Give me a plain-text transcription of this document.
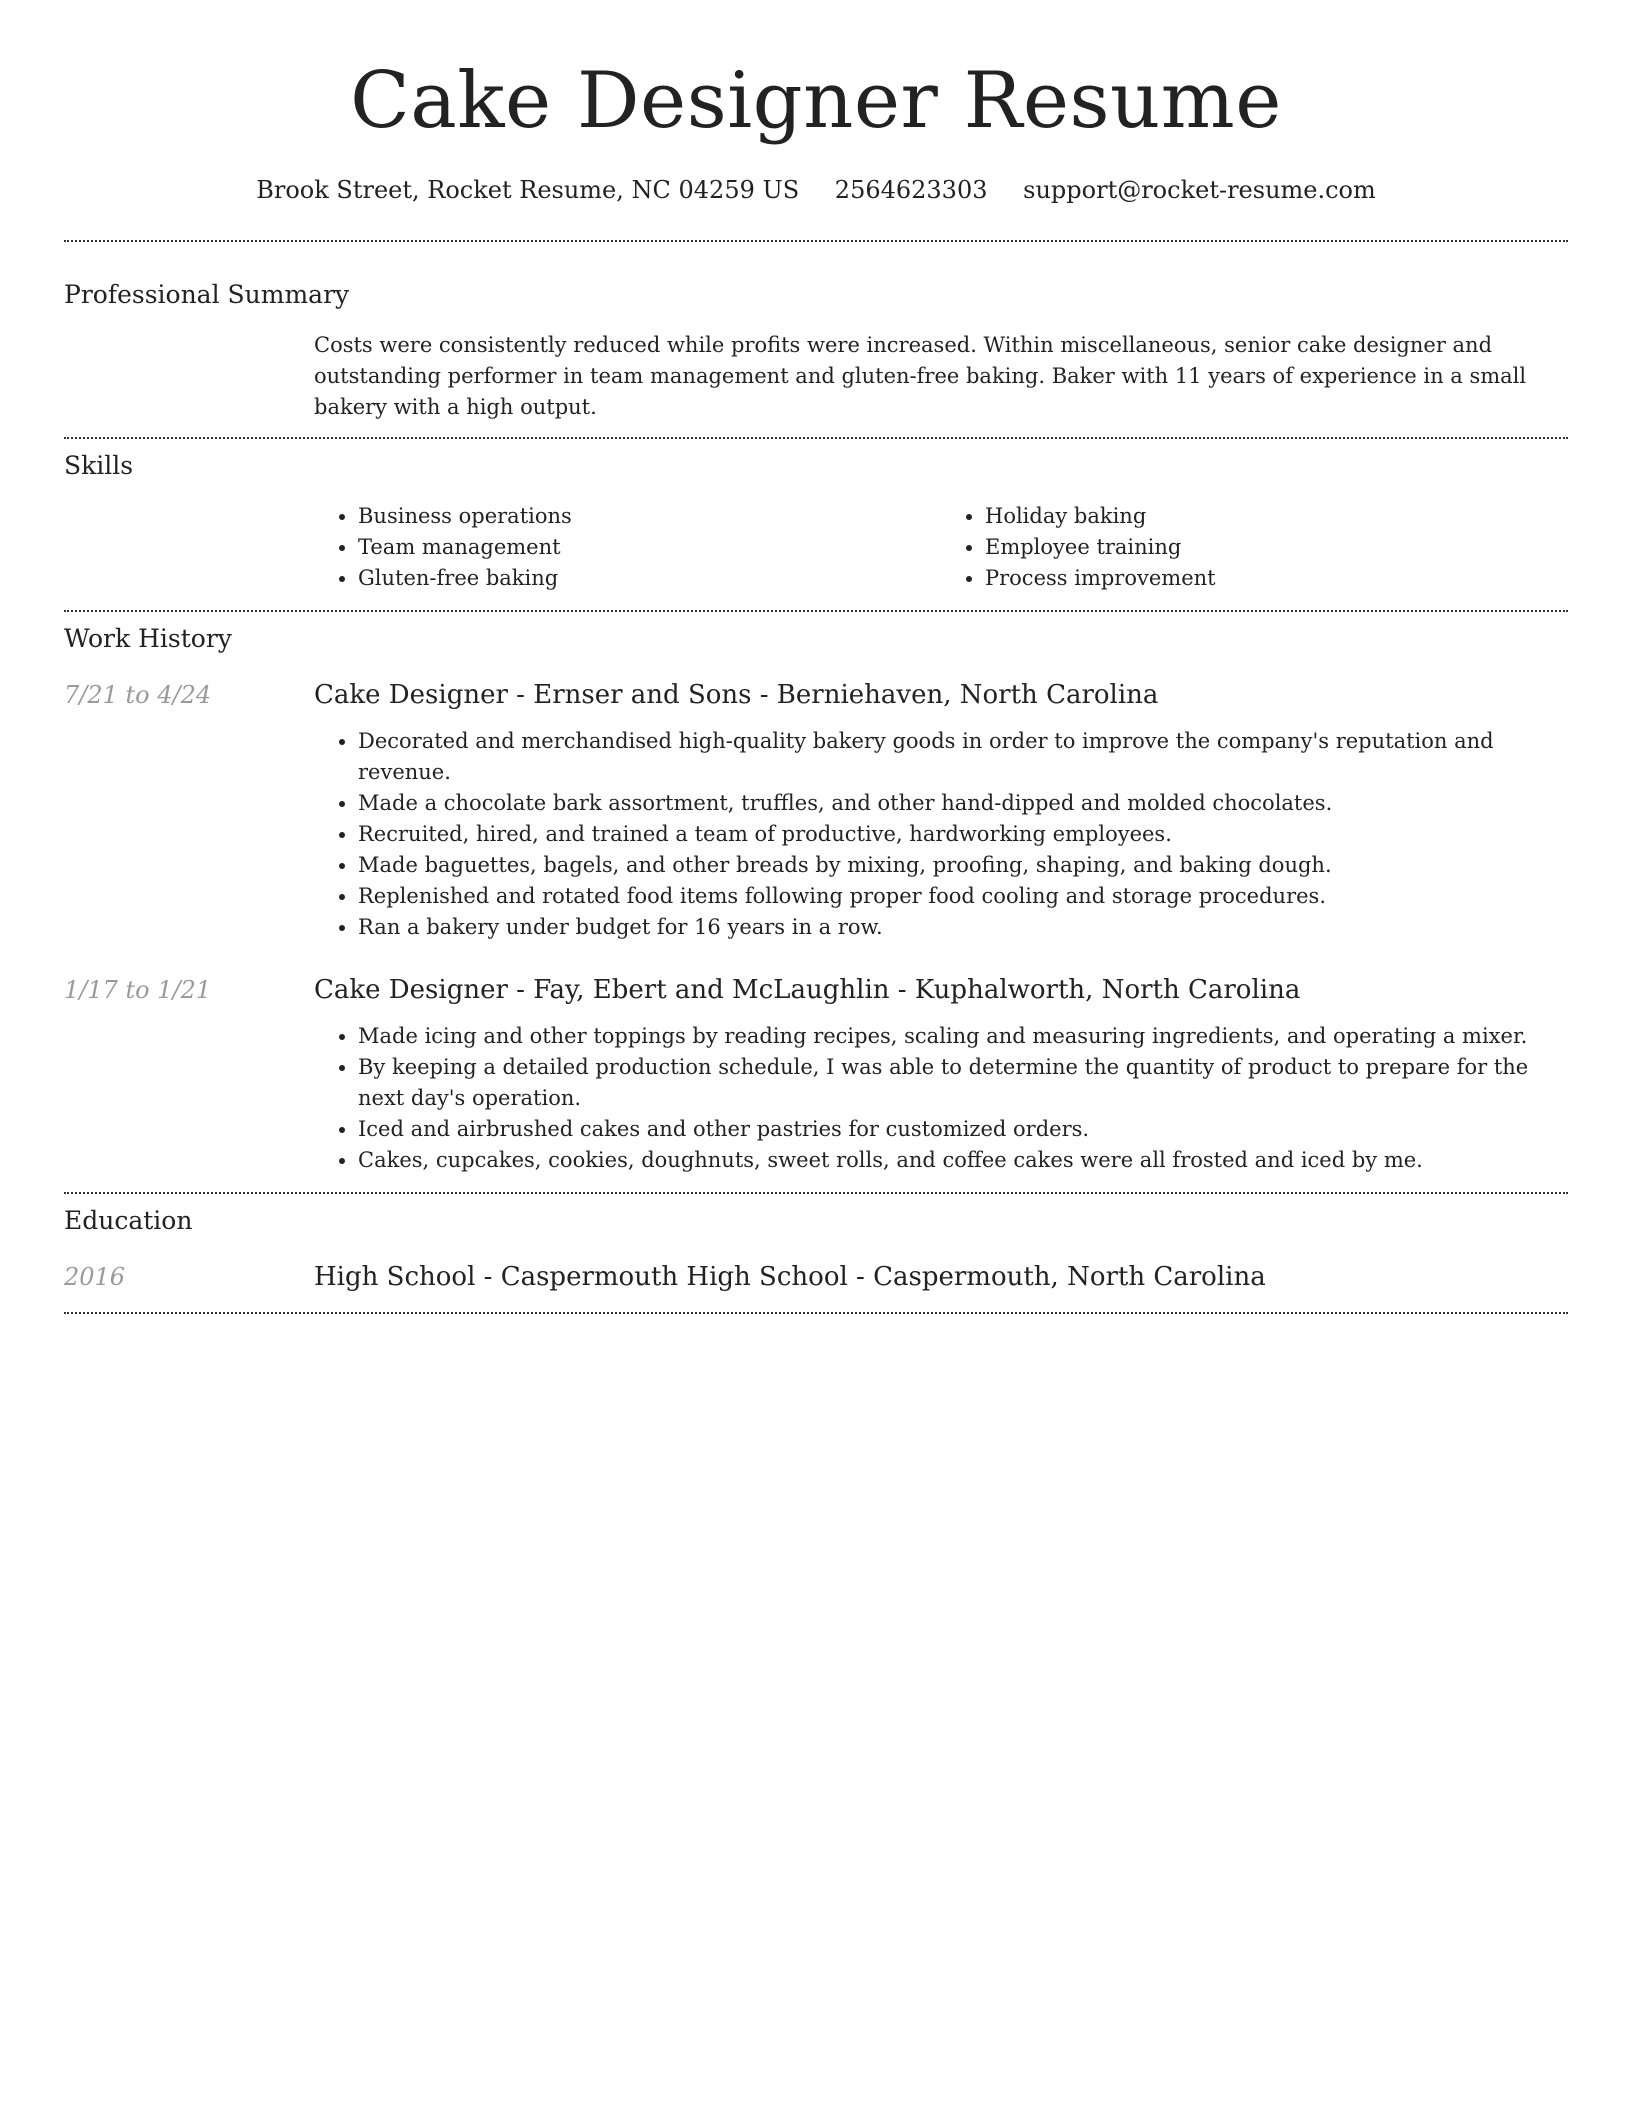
Cake Designer Resume
Brook Street, Rocket Resume, NC 04259 US 2564623303 support@rocket-resume.com
Professional Summary

Costs were consistently reduced while profits were increased. Within miscellaneous, senior cake designer and outstanding performer in team management and gluten-free baking. Baker with 11 years of experience in a small bakery with a high output.

Skills
• Business operations
• Team management
• Gluten-free baking
• Holiday baking
• Employee training
• Process improvement
Work History
7/21 to 4/24	Cake Designer - Ernser and Sons - Berniehaven, North Carolina
• Decorated and merchandised high-quality bakery goods in order to improve the company's reputation and revenue.
• Made a chocolate bark assortment, truffles, and other hand-dipped and molded chocolates.
• Recruited, hired, and trained a team of productive, hardworking employees.
• Made baguettes, bagels, and other breads by mixing, proofing, shaping, and baking dough.
• Replenished and rotated food items following proper food cooling and storage procedures.
• Ran a bakery under budget for 16 years in a row.
1/17 to 1/21	Cake Designer - Fay, Ebert and McLaughlin - Kuphalworth, North Carolina
• Made icing and other toppings by reading recipes, scaling and measuring ingredients, and operating a mixer.
• By keeping a detailed production schedule, I was able to determine the quantity of product to prepare for the next day's operation.
• Iced and airbrushed cakes and other pastries for customized orders.
• Cakes, cupcakes, cookies, doughnuts, sweet rolls, and coffee cakes were all frosted and iced by me.
Education
2016	High School - Caspermouth High School - Caspermouth, North Carolina
